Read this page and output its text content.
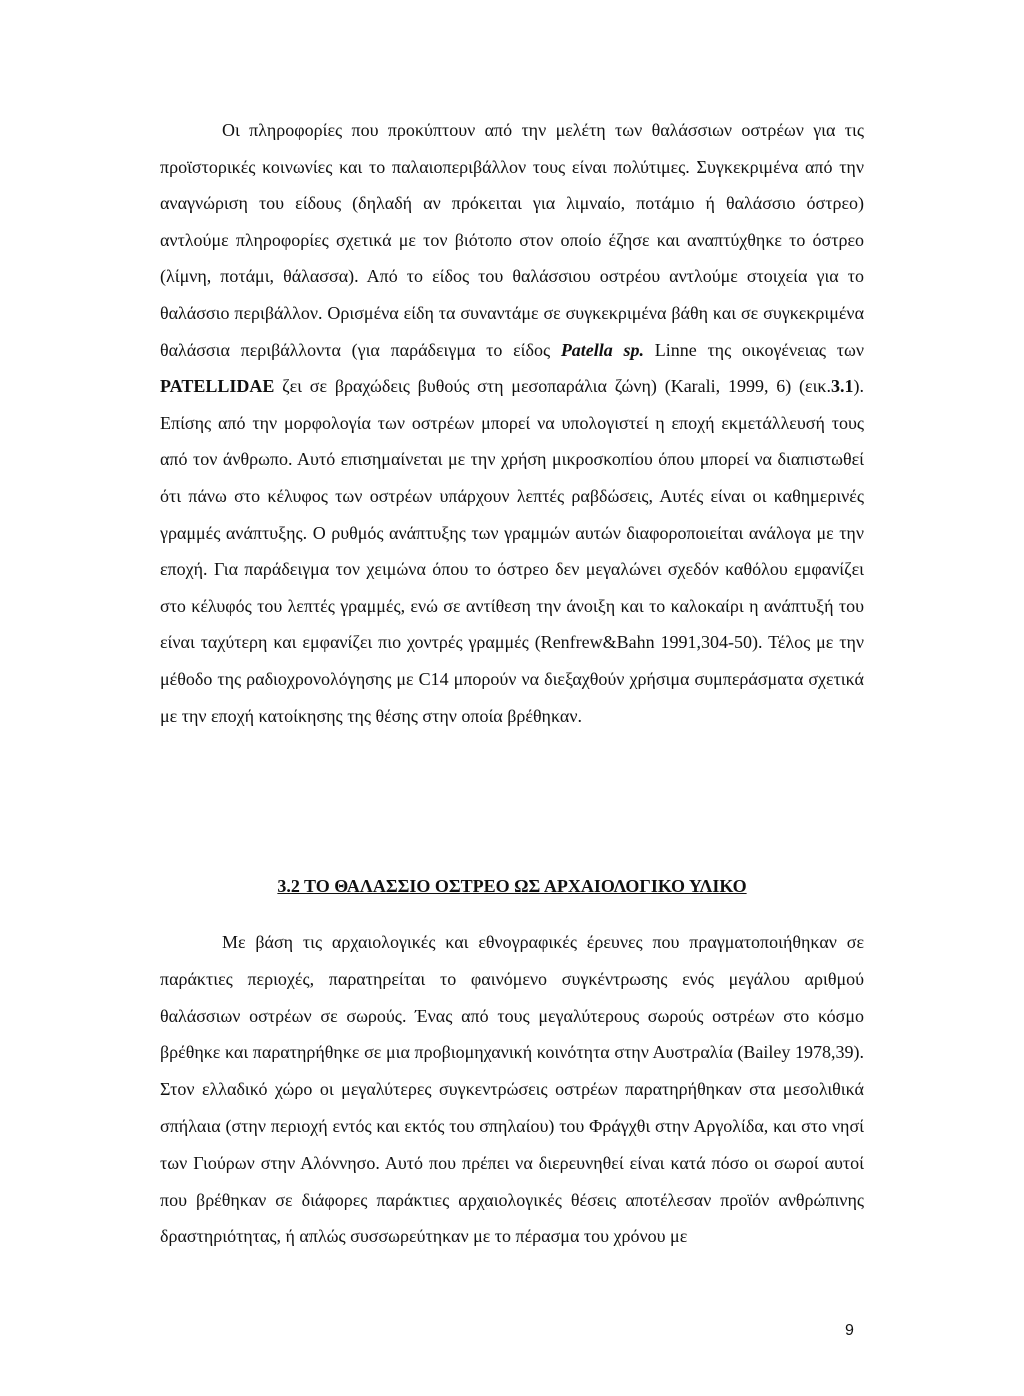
Οι πληροφορίες που προκύπτουν από την μελέτη των θαλάσσιων οστρέων για τις προϊστορικές κοινωνίες και το παλαιοπεριβάλλον τους είναι πολύτιμες. Συγκεκριμένα από την αναγνώριση του είδους (δηλαδή αν πρόκειται για λιμναίο, ποτάμιο ή θαλάσσιο όστρεο) αντλούμε πληροφορίες σχετικά με τον βιότοπο στον οποίο έζησε και αναπτύχθηκε το όστρεο (λίμνη, ποτάμι, θάλασσα). Από το είδος του θαλάσσιου οστρέου αντλούμε στοιχεία για το θαλάσσιο περιβάλλον. Ορισμένα είδη τα συναντάμε σε συγκεκριμένα βάθη και σε συγκεκριμένα θαλάσσια περιβάλλοντα (για παράδειγμα το είδος Patella sp. Linne της οικογένειας των PATELLIDAE ζει σε βραχώδεις βυθούς στη μεσοπαράλια ζώνη) (Karali, 1999, 6) (εικ.3.1). Επίσης από την μορφολογία των οστρέων μπορεί να υπολογιστεί η εποχή εκμετάλλευσή τους από τον άνθρωπο. Αυτό επισημαίνεται με την χρήση μικροσκοπίου όπου μπορεί να διαπιστωθεί ότι πάνω στο κέλυφος των οστρέων υπάρχουν λεπτές ραβδώσεις, Αυτές είναι οι καθημερινές γραμμές ανάπτυξης. Ο ρυθμός ανάπτυξης των γραμμών αυτών διαφοροποιείται ανάλογα με την εποχή. Για παράδειγμα τον χειμώνα όπου το όστρεο δεν μεγαλώνει σχεδόν καθόλου εμφανίζει στο κέλυφός του λεπτές γραμμές, ενώ σε αντίθεση την άνοιξη και το καλοκαίρι η ανάπτυξή του είναι ταχύτερη και εμφανίζει πιο χοντρές γραμμές (Renfrew&Bahn 1991,304-50). Τέλος με την μέθοδο της ραδιοχρονολόγησης με C14 μπορούν να διεξαχθούν χρήσιμα συμπεράσματα σχετικά με την εποχή κατοίκησης της θέσης στην οποία βρέθηκαν.

3.2 ΤΟ ΘΑΛΑΣΣΙΟ ΟΣΤΡΕΟ ΩΣ ΑΡΧΑΙΟΛΟΓΙΚΟ ΥΛΙΚΟ

Με βάση τις αρχαιολογικές και εθνογραφικές έρευνες που πραγματοποιήθηκαν σε παράκτιες περιοχές, παρατηρείται το φαινόμενο συγκέντρωσης ενός μεγάλου αριθμού θαλάσσιων οστρέων σε σωρούς. Ένας από τους μεγαλύτερους σωρούς οστρέων στο κόσμο βρέθηκε και παρατηρήθηκε σε μια προβιομηχανική κοινότητα στην Αυστραλία (Bailey 1978,39). Στον ελλαδικό χώρο οι μεγαλύτερες συγκεντρώσεις οστρέων παρατηρήθηκαν στα μεσολιθικά σπήλαια (στην περιοχή εντός και εκτός του σπηλαίου) του Φράγχθι στην Αργολίδα, και στο νησί των Γιούρων στην Αλόννησο. Αυτό που πρέπει να διερευνηθεί είναι κατά πόσο οι σωροί αυτοί που βρέθηκαν σε διάφορες παράκτιες αρχαιολογικές θέσεις αποτέλεσαν προϊόν ανθρώπινης δραστηριότητας, ή απλώς συσσωρεύτηκαν με το πέρασμα του χρόνου με

9
